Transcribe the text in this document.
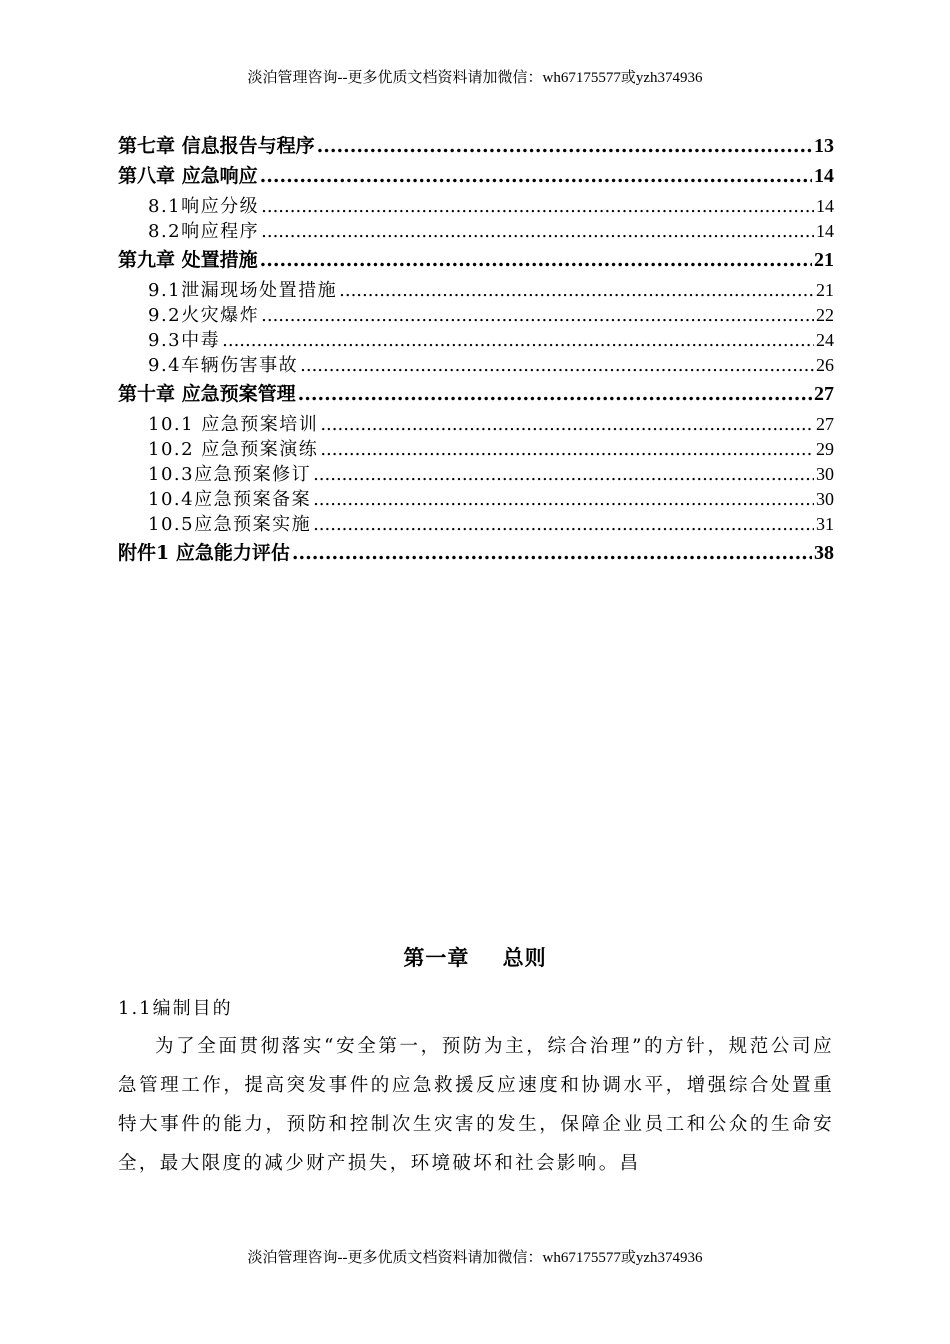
淡泊管理咨询--更多优质文档资料请加微信：wh67175577或yzh374936
第七章 信息报告与程序 .....	13
第八章 应急响应 .....	14
8.1响应分级 .....	14
8.2响应程序 .....	14
第九章 处置措施 .....	21
9.1泄漏现场处置措施 .....	21
9.2火灾爆炸 .....	22
9.3中毒 .....	24
9.4车辆伤害事故 .....	26
第十章 应急预案管理 .....	27
10.1 应急预案培训 .....	27
10.2 应急预案演练 .....	29
10.3应急预案修订 .....	30
10.4应急预案备案 .....	30
10.5应急预案实施 .....	31
附件1 应急能力评估 .....	38
第一章    总则
1.1编制目的

为了全面贯彻落实“安全第一，预防为主，综合治理”的方针，规范公司应急管理工作，提高突发事件的应急救援反应速度和协调水平，增强综合处置重特大事件的能力，预防和控制次生灾害的发生，保障企业员工和公众的生命安全，最大限度的减少财产损失，环境破坏和社会影响。昌

淡泊管理咨询--更多优质文档资料请加微信：wh67175577或yzh374936
